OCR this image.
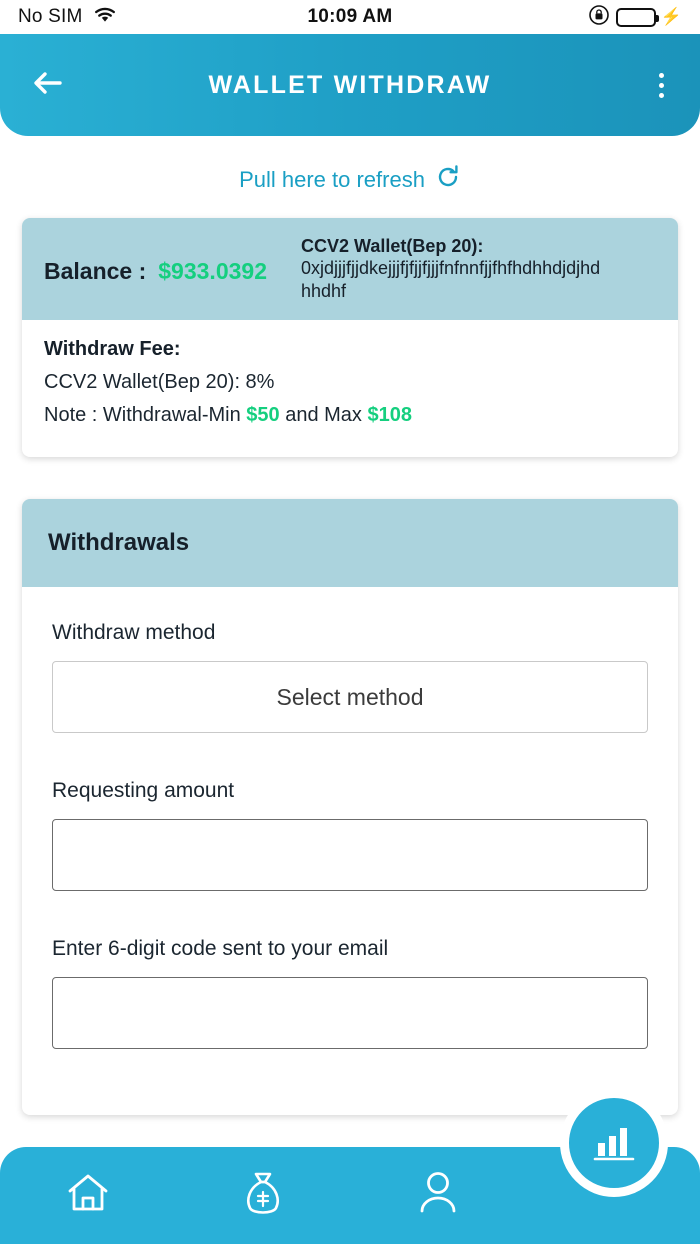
No SIM	10:09 AM	⚡
WALLET WITHDRAW
Pull here to refresh
Balance : $933.0392
CCV2 Wallet(Bep 20):
0xjdjjjfjjdkejjjfjfjjfjjjfnfnnfjjfhfhdhhdjdjhdhhdhf
Withdraw Fee:
CCV2 Wallet(Bep 20): 8%
Note : Withdrawal-Min $50 and Max $108
Withdrawals
Withdraw method
Select method
Requesting amount
Enter 6-digit code sent to your email
